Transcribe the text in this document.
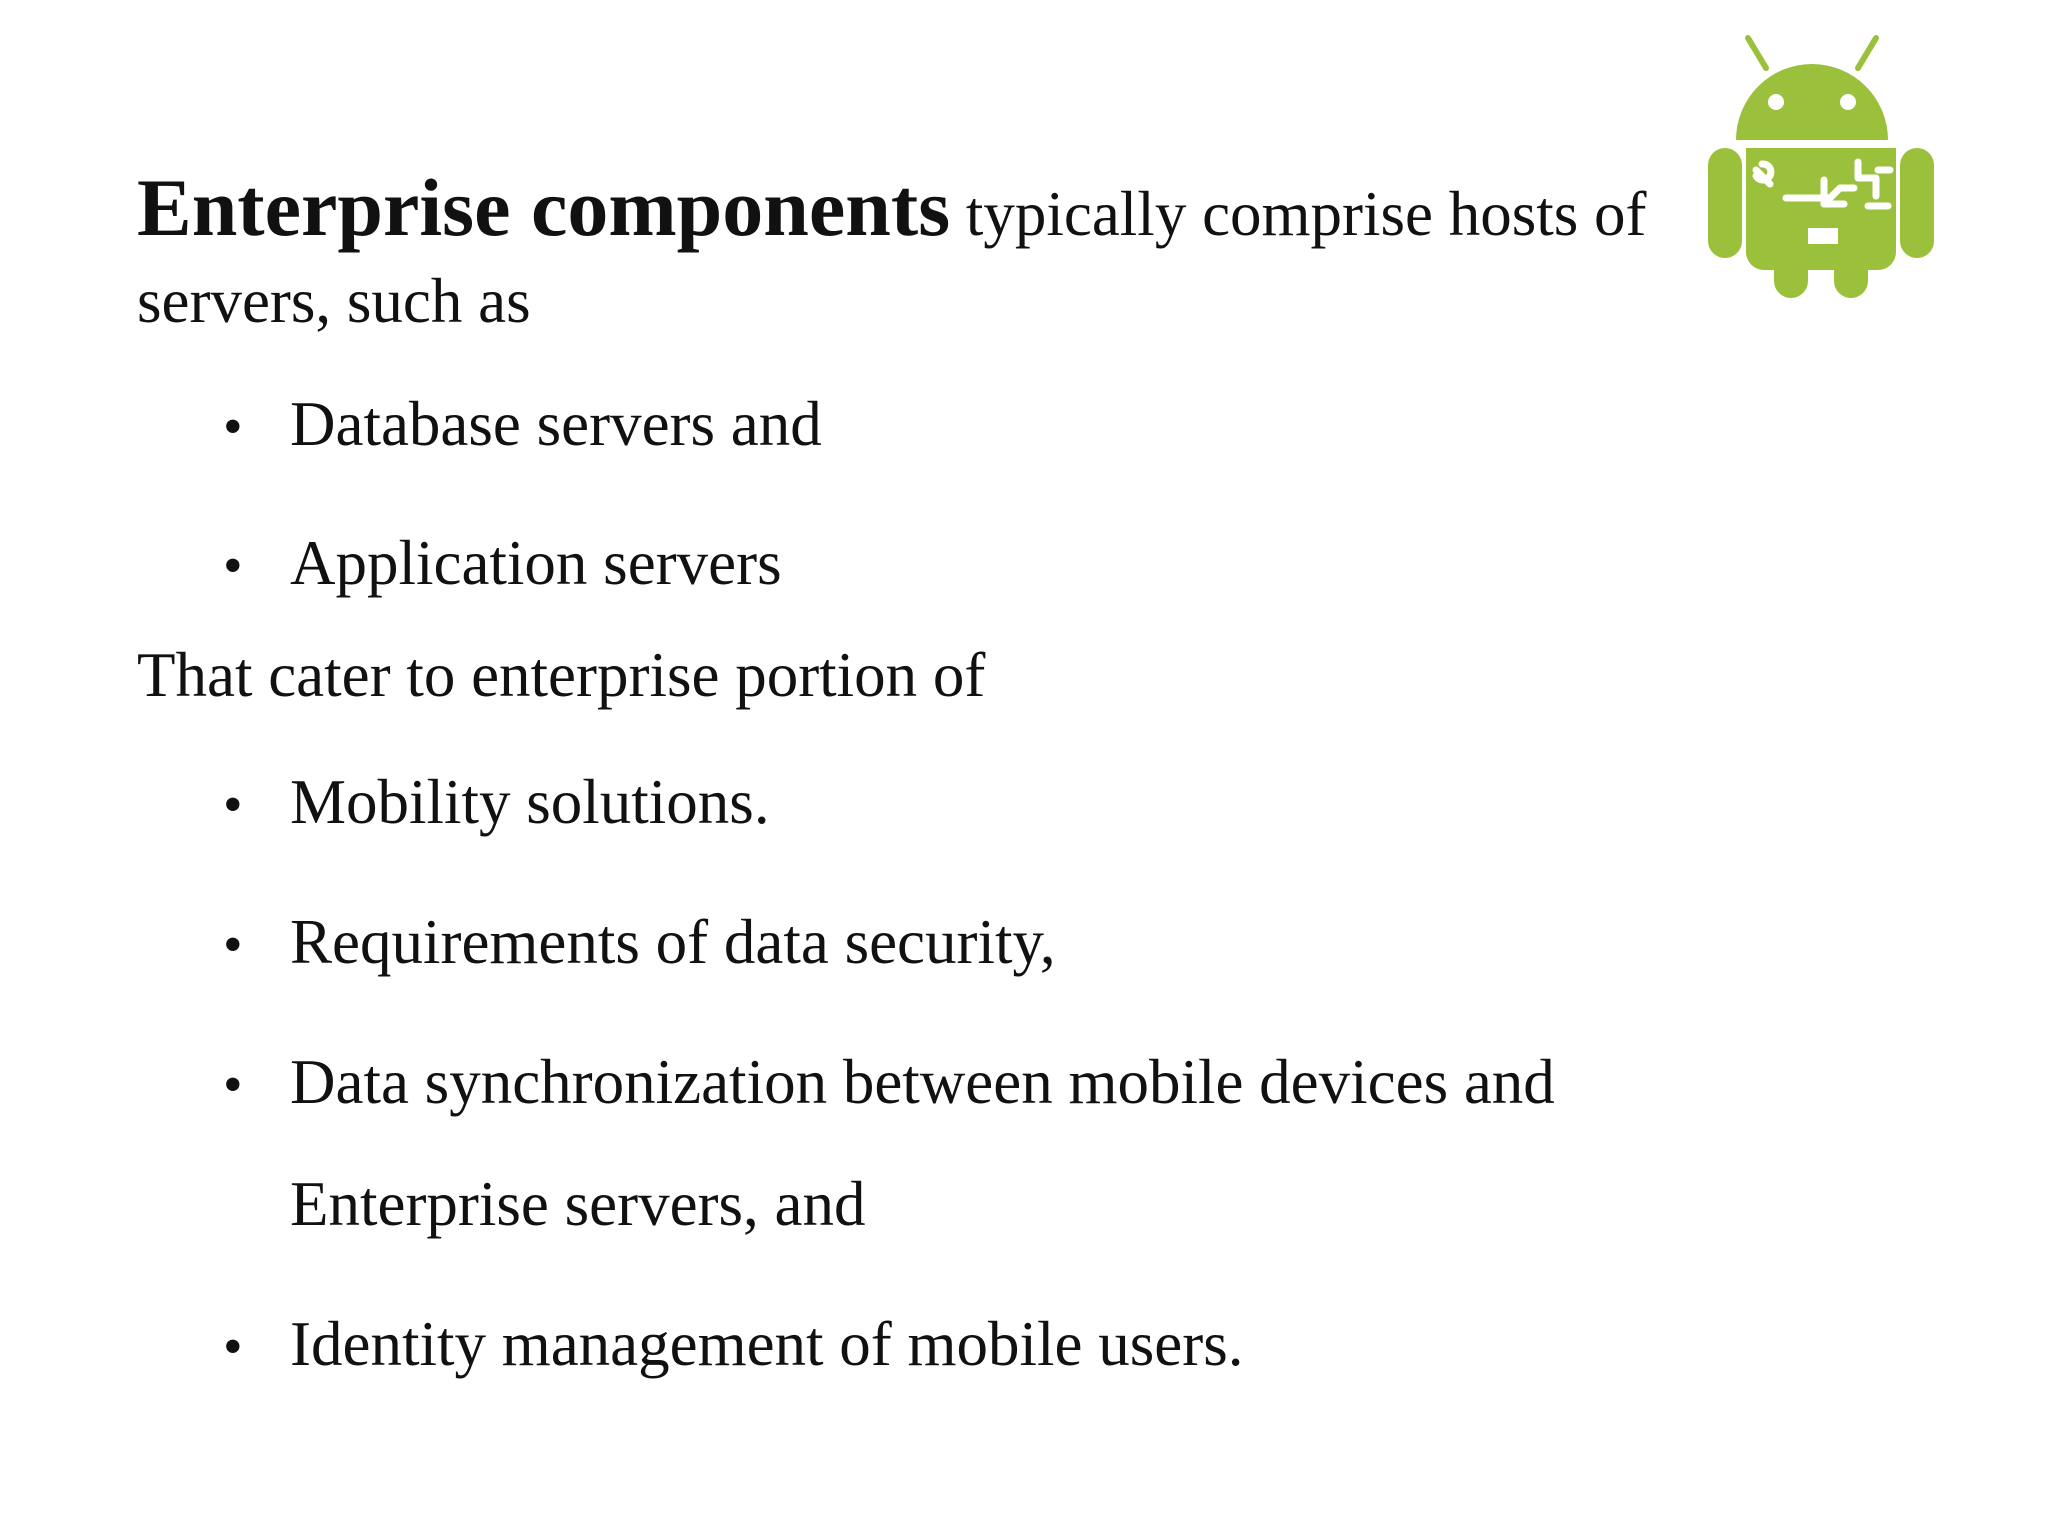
Enterprise components typically comprise hosts of
servers, such as
• Database servers and
• Application servers
That cater to enterprise portion of
• Mobility solutions.
• Requirements of data security,
• Data synchronization between mobile devices and
Enterprise servers, and
• Identity management of mobile users.
